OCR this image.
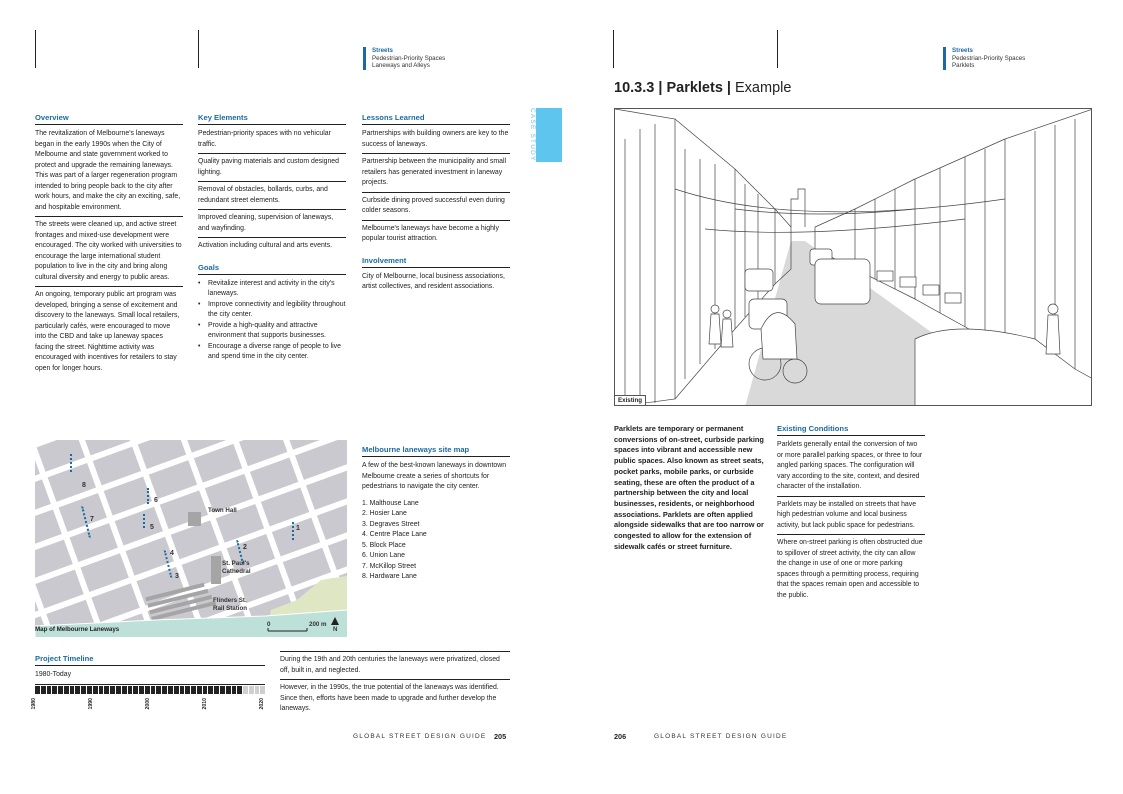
Streets
Pedestrian-Priority Spaces
Laneways and Alleys
Streets
Pedestrian-Priority Spaces
Parklets
CASE STUDY
Overview
The revitalization of Melbourne's laneways began in the early 1990s when the City of Melbourne and state government worked to protect and upgrade the remaining laneways. This was part of a larger regeneration program intended to bring people back to the city after work hours, and make the city an exciting, safe, and hospitable environment.
The streets were cleaned up, and active street frontages and mixed-use development were encouraged. The city worked with universities to encourage the large international student population to live in the city and bring along cultural diversity and energy to public areas.
An ongoing, temporary public art program was developed, bringing a sense of excitement and discovery to the laneways. Small local retailers, particularly cafés, were encouraged to move into the CBD and take up laneway spaces facing the street. Nighttime activity was encouraged with incentives for retailers to stay open for longer hours.
Key Elements
Pedestrian-priority spaces with no vehicular traffic.
Quality paving materials and custom designed lighting.
Removal of obstacles, bollards, curbs, and redundant street elements.
Improved cleaning, supervision of laneways, and wayfinding.
Activation including cultural and arts events.
Goals
• Revitalize interest and activity in the city's laneways.
• Improve connectivity and legibility throughout the city center.
• Provide a high-quality and attractive environment that supports businesses.
• Encourage a diverse range of people to live and spend time in the city center.
Lessons Learned
Partnerships with building owners are key to the success of laneways.
Partnership between the municipality and small retailers has generated investment in laneway projects.
Curbside dining proved successful even during colder seasons.
Melbourne's laneways have become a highly popular tourist attraction.
Involvement
City of Melbourne, local business associations, artist collectives, and resident associations.
8
7
6
5
4
3
2
1
Town Hall
St. Paul's Cathedral
Flinders St. Rail Station
0	200 m
N
Map of Melbourne Laneways
Melbourne laneways site map
A few of the best-known laneways in downtown Melbourne create a series of shortcuts for pedestrians to navigate the city center.
1. Malthouse Lane
2. Hosier Lane
3. Degraves Street
4. Centre Place Lane
5. Block Place
6. Union Lane
7. McKillop Street
8. Hardware Lane
Project Timeline
1980-Today
1980	1990	2000	2010	2020
During the 19th and 20th centuries the laneways were privatized, closed off, built in, and neglected.
However, in the 1990s, the true potential of the laneways was identified. Since then, efforts have been made to upgrade and further develop the laneways.
10.3.3 | Parklets | Example
Existing
Parklets are temporary or permanent conversions of on-street, curbside parking spaces into vibrant and accessible new public spaces. Also known as street seats, pocket parks, mobile parks, or curbside seating, these are often the product of a partnership between the city and local businesses, residents, or neighborhood associations. Parklets are often applied alongside sidewalks that are too narrow or congested to allow for the extension of sidewalk cafés or street furniture.
Existing Conditions
Parklets generally entail the conversion of two or more parallel parking spaces, or three to four angled parking spaces. The configuration will vary according to the site, context, and desired character of the installation.
Parklets may be installed on streets that have high pedestrian volume and local business activity, but lack public space for pedestrians.
Where on-street parking is often obstructed due to spillover of street activity, the city can allow the change in use of one or more parking spaces through a permitting process, requiring that the spaces remain open and accessible to the public.
GLOBAL STREET DESIGN GUIDE 205	206	GLOBAL STREET DESIGN GUIDE
